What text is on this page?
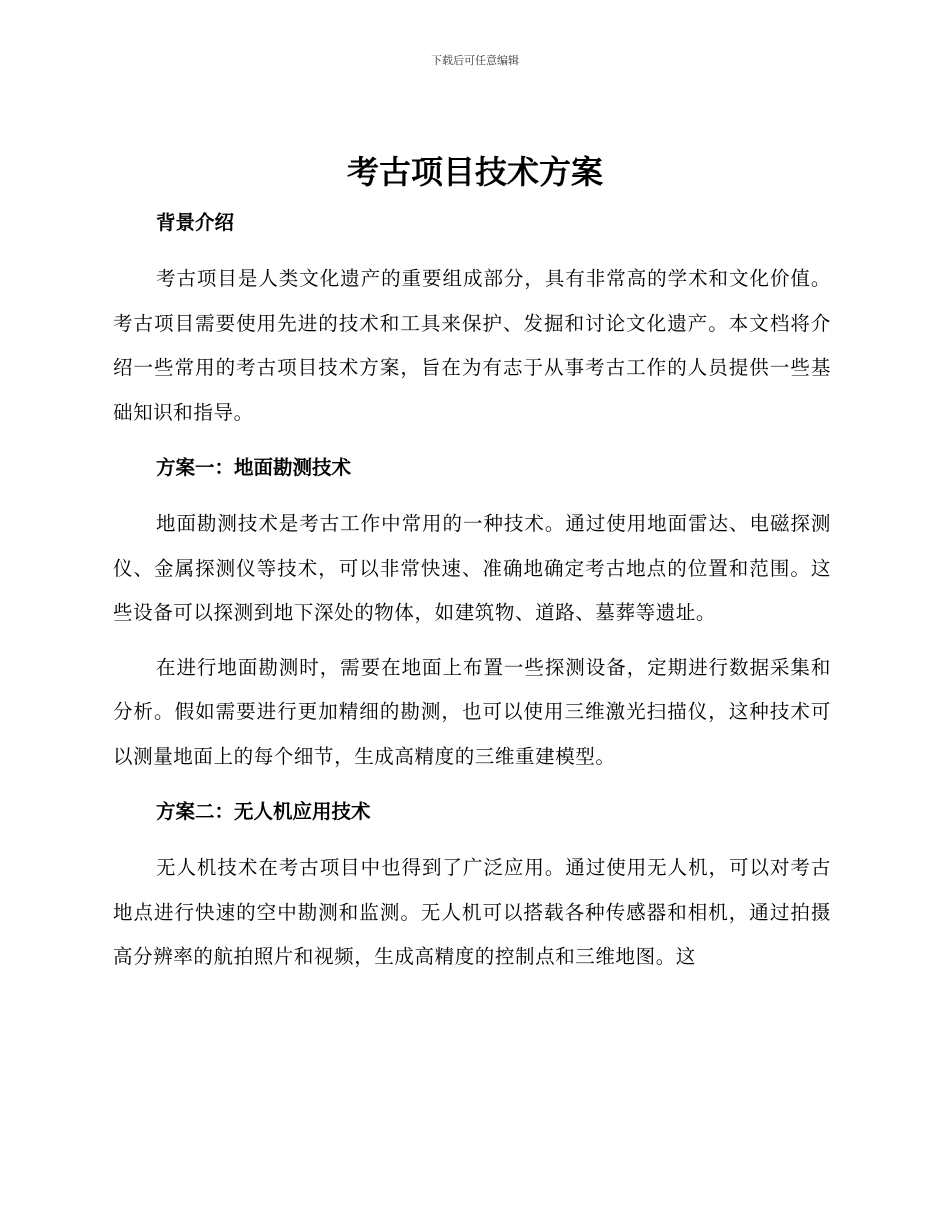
下载后可任意编辑
考古项目技术方案
背景介绍

考古项目是人类文化遗产的重要组成部分，具有非常高的学术和文化价值。考古项目需要使用先进的技术和工具来保护、发掘和讨论文化遗产。本文档将介绍一些常用的考古项目技术方案，旨在为有志于从事考古工作的人员提供一些基础知识和指导。

方案一：地面勘测技术

地面勘测技术是考古工作中常用的一种技术。通过使用地面雷达、电磁探测仪、金属探测仪等技术，可以非常快速、准确地确定考古地点的位置和范围。这些设备可以探测到地下深处的物体，如建筑物、道路、墓葬等遗址。

在进行地面勘测时，需要在地面上布置一些探测设备，定期进行数据采集和分析。假如需要进行更加精细的勘测，也可以使用三维激光扫描仪，这种技术可以测量地面上的每个细节，生成高精度的三维重建模型。

方案二：无人机应用技术

无人机技术在考古项目中也得到了广泛应用。通过使用无人机，可以对考古地点进行快速的空中勘测和监测。无人机可以搭载各种传感器和相机，通过拍摄高分辨率的航拍照片和视频，生成高精度的控制点和三维地图。这
